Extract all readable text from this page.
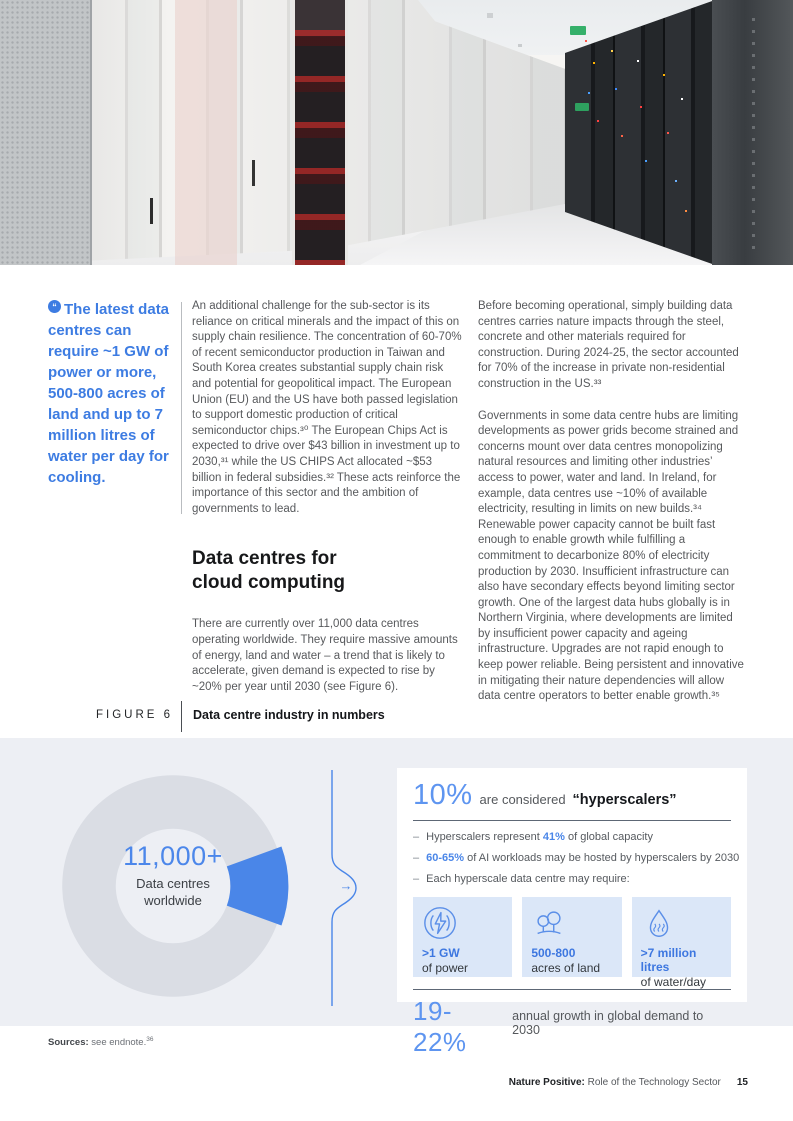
“ The latest data centres can require ~1 GW of power or more, 500-800 acres of land and up to 7 million litres of water per day for cooling.

An additional challenge for the sub-sector is its reliance on critical minerals and the impact of this on supply chain resilience. The concentration of 60-70% of recent semiconductor production in Taiwan and South Korea creates substantial supply chain risk and potential for geopolitical impact. The European Union (EU) and the US have both passed legislation to support domestic production of critical semiconductor chips.³⁰ The European Chips Act is expected to drive over $43 billion in investment up to 2030,³¹ while the US CHIPS Act allocated ~$53 billion in federal subsidies.³² These acts reinforce the importance of this sector and the ambition of governments to lead.

Data centres for
cloud computing

There are currently over 11,000 data centres operating worldwide. They require massive amounts of energy, land and water – a trend that is likely to accelerate, given demand is expected to rise by ~20% per year until 2030 (see Figure 6).

Before becoming operational, simply building data centres carries nature impacts through the steel, concrete and other materials required for construction. During 2024-25, the sector accounted for 70% of the increase in private non-residential construction in the US.³³

Governments in some data centre hubs are limiting developments as power grids become strained and concerns mount over data centres monopolizing natural resources and limiting other industries’ access to power, water and land. In Ireland, for example, data centres use ~10% of available electricity, resulting in limits on new builds.³⁴ Renewable power capacity cannot be built fast enough to enable growth while fulfilling a commitment to decarbonize 80% of electricity production by 2030. Insufficient infrastructure can also have secondary effects beyond limiting sector growth. One of the largest data hubs globally is in Northern Virginia, where developments are limited by insufficient power capacity and ageing infrastructure. Upgrades are not rapid enough to keep power reliable. Being persistent and innovative in mitigating their nature dependencies will allow data centre operators to better enable growth.³⁵

FIGURE 6 Data centre industry in numbers
11,000+
Data centres
worldwide
→
10% are considered “hyperscalers”
– Hyperscalers represent 41% of global capacity
– 60-65% of AI workloads may be hosted by hyperscalers by 2030
– Each hyperscale data centre may require:
>1 GW
of power
500-800
acres of land
>7 million litres
of water/day
19-22%
annual growth in global demand to 2030
Sources: see endnote.$^{36}$
Nature Positive: Role of the Technology Sector 15
